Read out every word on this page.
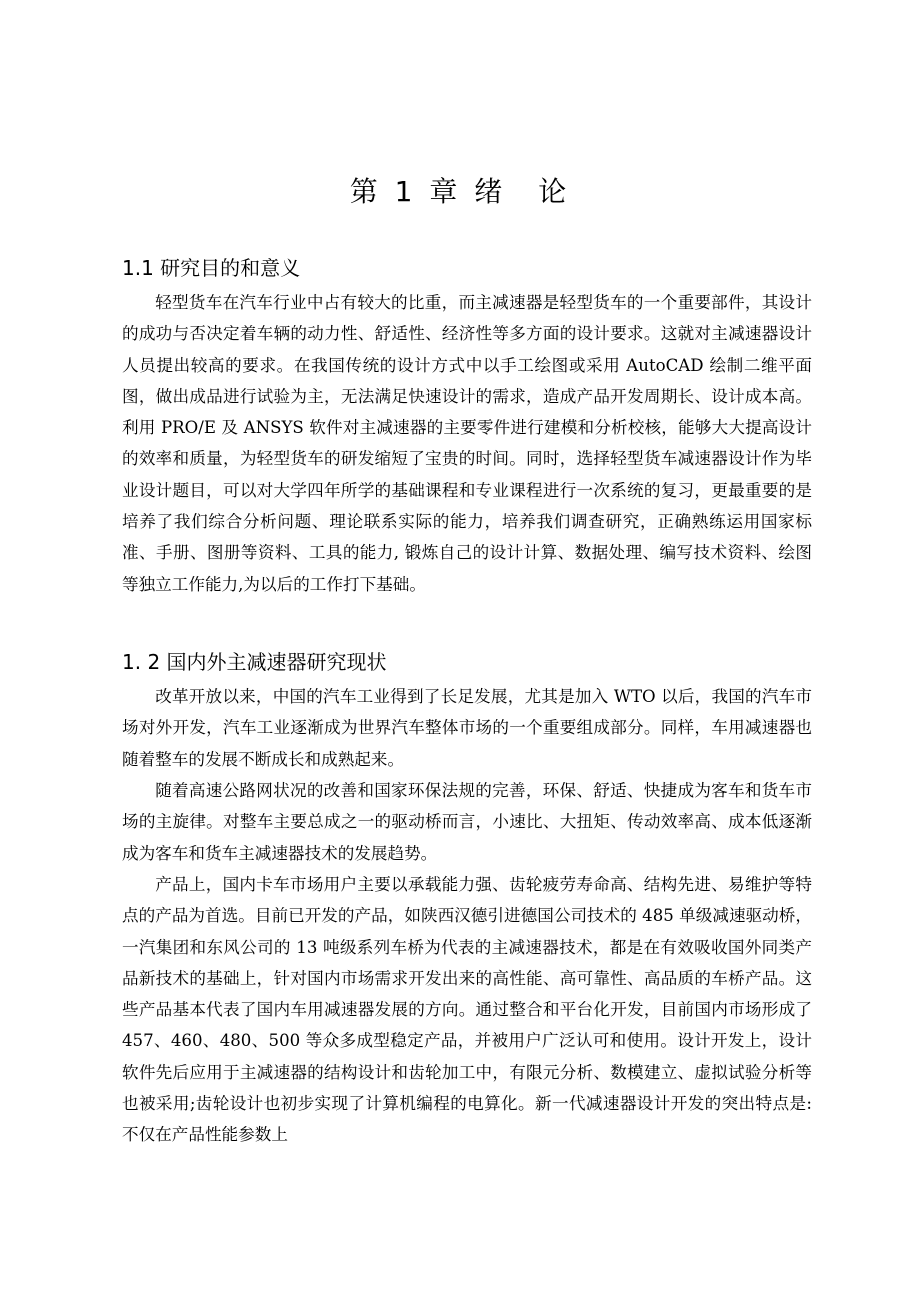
第 1 章 绪　论
1.1 研究目的和意义

轻型货车在汽车行业中占有较大的比重，而主减速器是轻型货车的一个重要部件，其设计的成功与否决定着车辆的动力性、舒适性、经济性等多方面的设计要求。这就对主减速器设计人员提出较高的要求。在我国传统的设计方式中以手工绘图或采用 AutoCAD 绘制二维平面图，做出成品进行试验为主，无法满足快速设计的需求，造成产品开发周期长、设计成本高。利用 PRO/E 及 ANSYS 软件对主减速器的主要零件进行建模和分析校核，能够大大提高设计的效率和质量，为轻型货车的研发缩短了宝贵的时间。同时，选择轻型货车减速器设计作为毕业设计题目，可以对大学四年所学的基础课程和专业课程进行一次系统的复习，更最重要的是培养了我们综合分析问题、理论联系实际的能力，培养我们调查研究，正确熟练运用国家标准、手册、图册等资料、工具的能力, 锻炼自己的设计计算、数据处理、编写技术资料、绘图等独立工作能力,为以后的工作打下基础。

1. 2 国内外主减速器研究现状

改革开放以来，中国的汽车工业得到了长足发展，尤其是加入 WTO 以后，我国的汽车市场对外开发，汽车工业逐渐成为世界汽车整体市场的一个重要组成部分。同样，车用减速器也随着整车的发展不断成长和成熟起来。

随着高速公路网状况的改善和国家环保法规的完善，环保、舒适、快捷成为客车和货车市场的主旋律。对整车主要总成之一的驱动桥而言，小速比、大扭矩、传动效率高、成本低逐渐成为客车和货车主减速器技术的发展趋势。

产品上，国内卡车市场用户主要以承载能力强、齿轮疲劳寿命高、结构先进、易维护等特点的产品为首选。目前已开发的产品，如陕西汉德引进德国公司技术的 485 单级减速驱动桥，一汽集团和东风公司的 13 吨级系列车桥为代表的主减速器技术，都是在有效吸收国外同类产品新技术的基础上，针对国内市场需求开发出来的高性能、高可靠性、高品质的车桥产品。这些产品基本代表了国内车用减速器发展的方向。通过整合和平台化开发，目前国内市场形成了 457、460、480、500 等众多成型稳定产品，并被用户广泛认可和使用。设计开发上，设计软件先后应用于主减速器的结构设计和齿轮加工中，有限元分析、数模建立、虚拟试验分析等也被采用;齿轮设计也初步实现了计算机编程的电算化。新一代减速器设计开发的突出特点是:不仅在产品性能参数上
